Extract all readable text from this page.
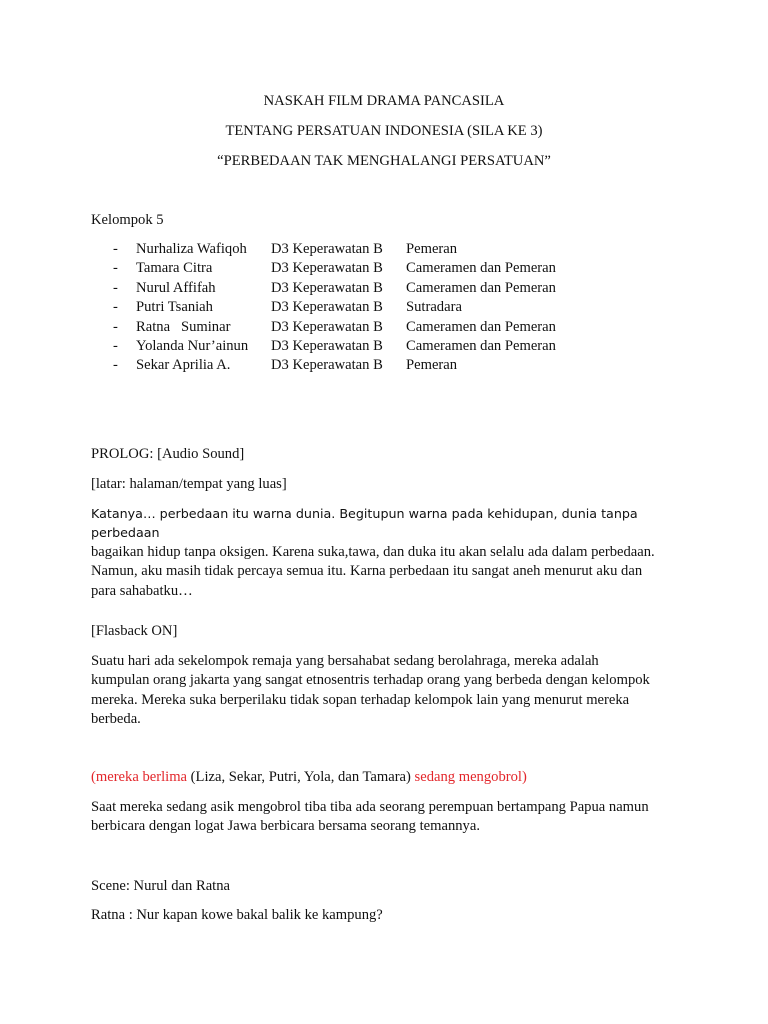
NASKAH FILM DRAMA PANCASILA

TENTANG PERSATUAN INDONESIA (SILA KE 3)

“PERBEDAAN TAK MENGHALANGI PERSATUAN”

Kelompok 5

- Nurhaliza Wafiqoh D3 Keperawatan B Pemeran
- Tamara Citra	D3 Keperawatan B Cameramen dan Pemeran
- Nurul Affifah	D3 Keperawatan B Cameramen dan Pemeran
- Putri Tsaniah	D3 Keperawatan B Sutradara
- Ratna   Suminar	D3 Keperawatan B Cameramen dan Pemeran
- Yolanda Nur’ainun D3 Keperawatan B Cameramen dan Pemeran
- Sekar Aprilia A.	D3 Keperawatan B Pemeran

PROLOG: [Audio Sound]

[latar: halaman/tempat yang luas]

Katanya… perbedaan itu warna dunia. Begitupun warna pada kehidupan, dunia tanpa perbedaan
bagaikan hidup tanpa oksigen. Karena suka,tawa, dan duka itu akan selalu ada dalam perbedaan.
Namun, aku masih tidak percaya semua itu. Karna perbedaan itu sangat aneh menurut aku dan
para sahabatku…

[Flasback ON]

Suatu hari ada sekelompok remaja yang bersahabat sedang berolahraga, mereka adalah
kumpulan orang jakarta yang sangat etnosentris terhadap orang yang berbeda dengan kelompok
mereka. Mereka suka berperilaku tidak sopan terhadap kelompok lain yang menurut mereka
berbeda.

(mereka berlima (Liza, Sekar, Putri, Yola, dan Tamara) sedang mengobrol)

Saat mereka sedang asik mengobrol tiba tiba ada seorang perempuan bertampang Papua namun
berbicara dengan logat Jawa berbicara bersama seorang temannya.

Scene: Nurul dan Ratna

Ratna : Nur kapan kowe bakal balik ke kampung?
